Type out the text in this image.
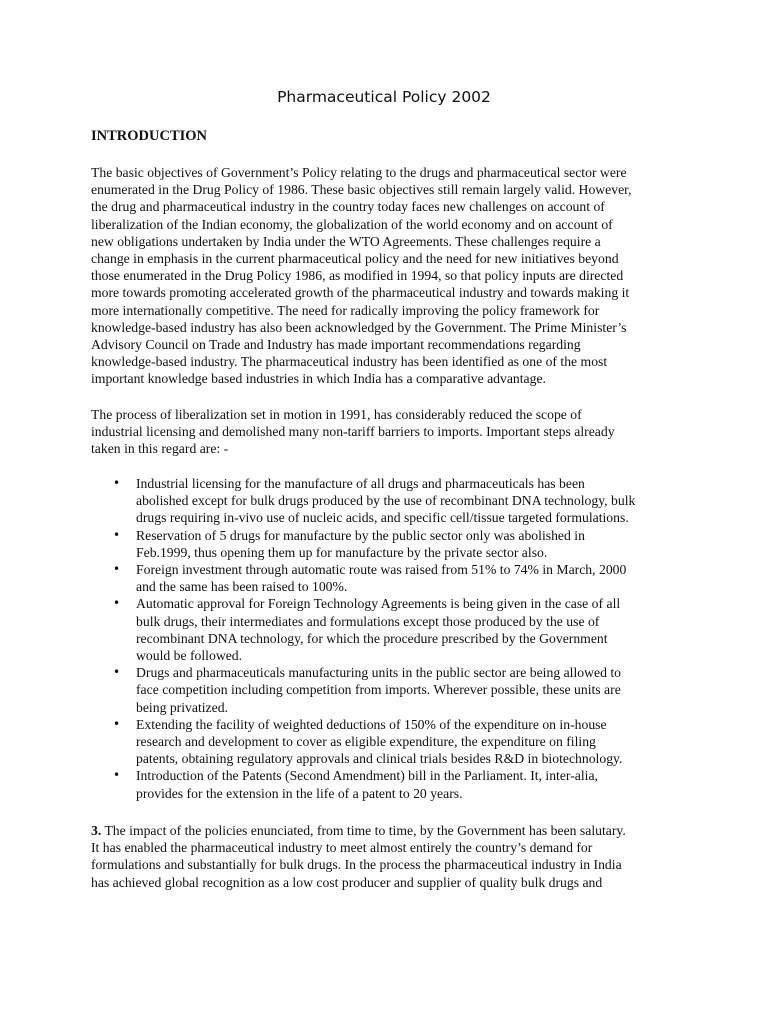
Pharmaceutical Policy 2002
INTRODUCTION

The basic objectives of Government’s Policy relating to the drugs and pharmaceutical sector were
enumerated in the Drug Policy of 1986. These basic objectives still remain largely valid. However,
the drug and pharmaceutical industry in the country today faces new challenges on account of
liberalization of the Indian economy, the globalization of the world economy and on account of
new obligations undertaken by India under the WTO Agreements. These challenges require a
change in emphasis in the current pharmaceutical policy and the need for new initiatives beyond
those enumerated in the Drug Policy 1986, as modified in 1994, so that policy inputs are directed
more towards promoting accelerated growth of the pharmaceutical industry and towards making it
more internationally competitive. The need for radically improving the policy framework for
knowledge-based industry has also been acknowledged by the Government. The Prime Minister’s
Advisory Council on Trade and Industry has made important recommendations regarding
knowledge-based industry. The pharmaceutical industry has been identified as one of the most
important knowledge based industries in which India has a comparative advantage.

The process of liberalization set in motion in 1991, has considerably reduced the scope of
industrial licensing and demolished many non-tariff barriers to imports. Important steps already
taken in this regard are: -

• Industrial licensing for the manufacture of all drugs and pharmaceuticals has been
abolished except for bulk drugs produced by the use of recombinant DNA technology, bulk
drugs requiring in-vivo use of nucleic acids, and specific cell/tissue targeted formulations.
• Reservation of 5 drugs for manufacture by the public sector only was abolished in
Feb.1999, thus opening them up for manufacture by the private sector also.
• Foreign investment through automatic route was raised from 51% to 74% in March, 2000
and the same has been raised to 100%.
• Automatic approval for Foreign Technology Agreements is being given in the case of all
bulk drugs, their intermediates and formulations except those produced by the use of
recombinant DNA technology, for which the procedure prescribed by the Government
would be followed.
• Drugs and pharmaceuticals manufacturing units in the public sector are being allowed to
face competition including competition from imports. Wherever possible, these units are
being privatized.
• Extending the facility of weighted deductions of 150% of the expenditure on in-house
research and development to cover as eligible expenditure, the expenditure on filing
patents, obtaining regulatory approvals and clinical trials besides R&D in biotechnology.
• Introduction of the Patents (Second Amendment) bill in the Parliament. It, inter-alia,
provides for the extension in the life of a patent to 20 years.

3. The impact of the policies enunciated, from time to time, by the Government has been salutary.
It has enabled the pharmaceutical industry to meet almost entirely the country’s demand for
formulations and substantially for bulk drugs. In the process the pharmaceutical industry in India
has achieved global recognition as a low cost producer and supplier of quality bulk drugs and
